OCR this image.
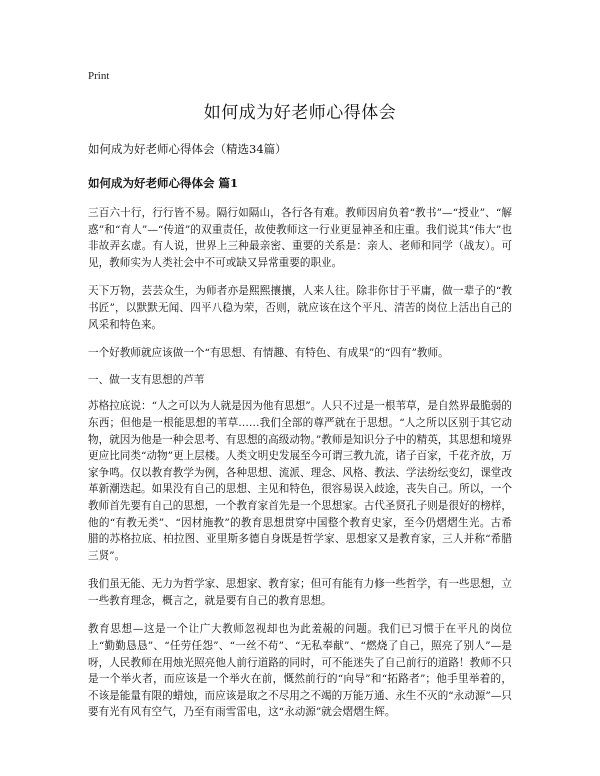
Print
如何成为好老师心得体会
如何成为好老师心得体会（精选34篇）
如何成为好老师心得体会 篇1

三百六十行，行行皆不易。隔行如隔山，各行各有难。教师因肩负着“教书”—“授业”、“解惑”和“育人”—“传道”的双重责任，故使教师这一行业更显神圣和庄重。我们说其“伟大”也非故弄玄虚。有人说，世界上三种最亲密、重要的关系是：亲人、老师和同学（战友）。可见，教师实为人类社会中不可或缺又异常重要的职业。

天下万物，芸芸众生，为师者亦是熙熙攘攘，人来人往。除非你甘于平庸，做一辈子的“教书匠”，以默默无闻、四平八稳为荣，否则，就应该在这个平凡、清苦的岗位上活出自己的风采和特色来。

一个好教师就应该做一个“有思想、有情趣、有特色、有成果”的“四有”教师。

一、做一支有思想的芦苇

苏格拉底说：“人之可以为人就是因为他有思想”。人只不过是一根苇草，是自然界最脆弱的东西；但他是一根能思想的苇草……我们全部的尊严就在于思想。“人之所以区别于其它动物，就因为他是一种会思考、有思想的高级动物。”教师是知识分子中的精英，其思想和境界更应比同类“动物”更上层楼。人类文明史发展至今可谓三教九流，诸子百家，千花齐放，万家争鸣。仅以教育教学为例，各种思想、流派、理念、风格、教法、学法纷纭变幻，课堂改革新潮迭起。如果没有自己的思想、主见和特色，很容易误入歧途，丧失自己。所以，一个教师首先要有自己的思想，一个教育家首先是一个思想家。古代圣贤孔子则是很好的榜样，他的“有教无类”、“因材施教”的教育思想贯穿中国整个教育史家，至今仍熠熠生光。古希腊的苏格拉底、柏拉图、亚里斯多德自身既是哲学家、思想家又是教育家，三人并称“希腊三贤”。

我们虽无能、无力为哲学家、思想家、教育家；但可有能有力修一些哲学，有一些思想，立一些教育理念，概言之，就是要有自己的教育思想。

教育思想—这是一个让广大教师忽视却也为此羞赧的问题。我们已习惯于在平凡的岗位上“勤勤恳恳”、“任劳任怨”、“一丝不苟”、“无私奉献”、“燃烧了自己，照亮了别人”—是呀，人民教师在用烛光照亮他人前行道路的同时，可不能迷失了自己前行的道路！教师不只是一个举火者，而应该是一个举火在前，慨然前行的“向导”和“拓路者”；他手里举着的，不该是能量有限的蜡烛，而应该是取之不尽用之不竭的万能万通、永生不灭的“永动源”—只要有光有风有空气，乃至有雨雪雷电，这“永动源”就会熠熠生辉。
